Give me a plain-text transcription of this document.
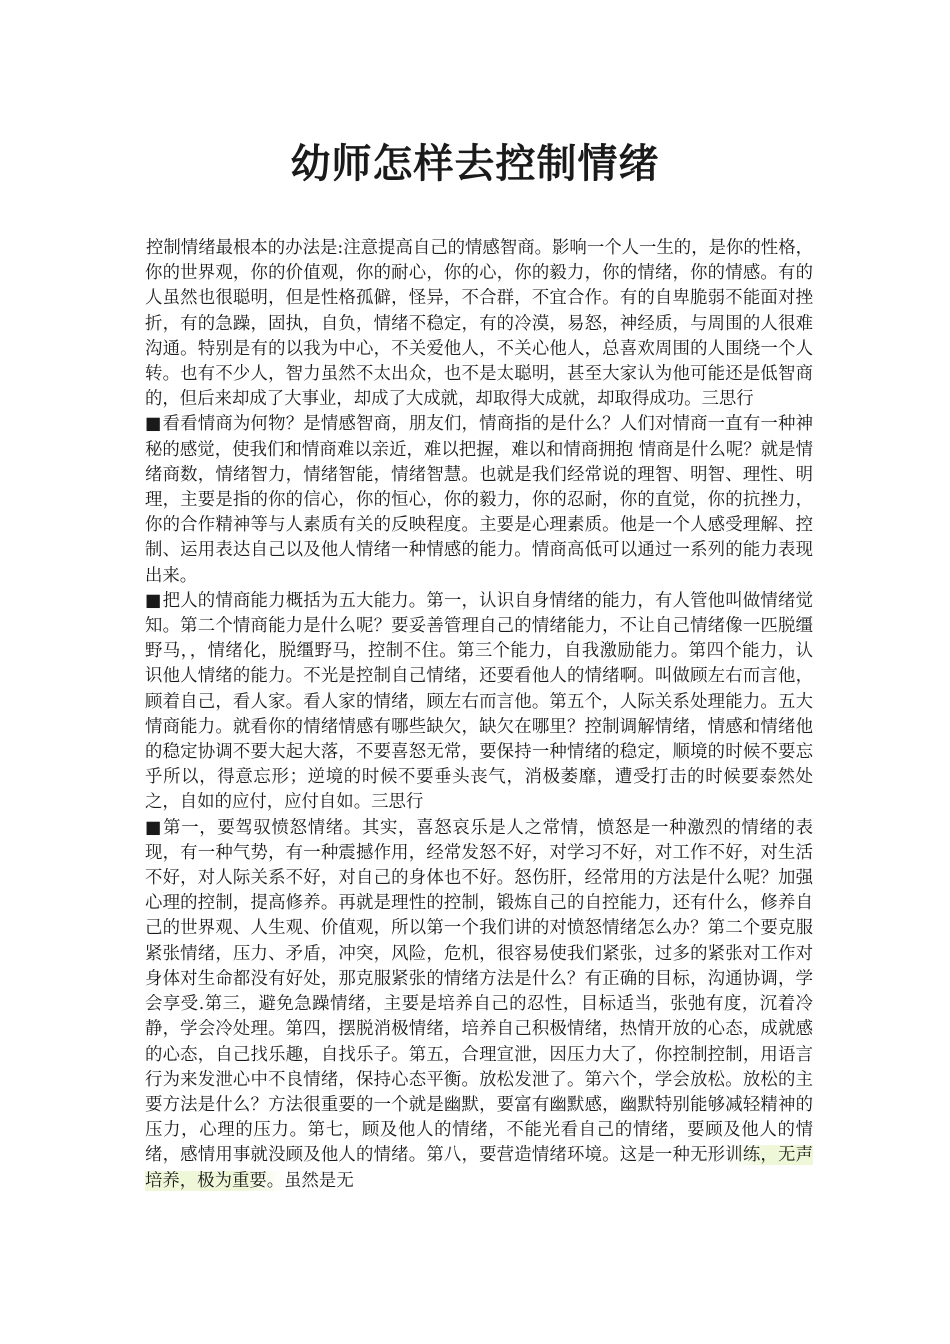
幼师怎样去控制情绪

控制情绪最根本的办法是:注意提高自己的情感智商。影响一个人一生的，是你的性格，你的世界观，你的价值观，你的耐心，你的心，你的毅力，你的情绪，你的情感。有的人虽然也很聪明，但是性格孤僻，怪异，不合群，不宜合作。有的自卑脆弱不能面对挫折，有的急躁，固执，自负，情绪不稳定，有的冷漠，易怒，神经质，与周围的人很难沟通。特别是有的以我为中心，不关爱他人，不关心他人，总喜欢周围的人围绕一个人转。也有不少人，智力虽然不太出众，也不是太聪明，甚至大家认为他可能还是低智商的，但后来却成了大事业，却成了大成就，却取得大成就，却取得成功。三思行

■看看情商为何物？是情感智商，朋友们，情商指的是什么？人们对情商一直有一种神秘的感觉，使我们和情商难以亲近，难以把握，难以和情商拥抱 情商是什么呢？就是情绪商数，情绪智力，情绪智能，情绪智慧。也就是我们经常说的理智、明智、理性、明理，主要是指的你的信心，你的恒心，你的毅力，你的忍耐，你的直觉，你的抗挫力，你的合作精神等与人素质有关的反映程度。主要是心理素质。他是一个人感受理解、控制、运用表达自己以及他人情绪一种情感的能力。情商高低可以通过一系列的能力表现出来。

■把人的情商能力概括为五大能力。第一，认识自身情绪的能力，有人管他叫做情绪觉知。第二个情商能力是什么呢？要妥善管理自己的情绪能力，不让自己情绪像一匹脱缰野马，，情绪化，脱缰野马，控制不住。第三个能力，自我激励能力。第四个能力，认识他人情绪的能力。不光是控制自己情绪，还要看他人的情绪啊。叫做顾左右而言他，顾着自己，看人家。看人家的情绪，顾左右而言他。第五个，人际关系处理能力。五大情商能力。就看你的情绪情感有哪些缺欠，缺欠在哪里？控制调解情绪，情感和情绪他的稳定协调不要大起大落，不要喜怒无常，要保持一种情绪的稳定，顺境的时候不要忘乎所以，得意忘形；逆境的时候不要垂头丧气，消极萎靡，遭受打击的时候要泰然处之，自如的应付，应付自如。三思行

■第一，要驾驭愤怒情绪。其实，喜怒哀乐是人之常情，愤怒是一种激烈的情绪的表现，有一种气势，有一种震撼作用，经常发怒不好，对学习不好，对工作不好，对生活不好，对人际关系不好，对自己的身体也不好。怒伤肝，经常用的方法是什么呢？加强心理的控制，提高修养。再就是理性的控制，锻炼自己的自控能力，还有什么，修养自己的世界观、人生观、价值观，所以第一个我们讲的对愤怒情绪怎么办？第二个要克服紧张情绪，压力、矛盾，冲突，风险，危机，很容易使我们紧张，过多的紧张对工作对身体对生命都没有好处，那克服紧张的情绪方法是什么？有正确的目标，沟通协调，学会享受.第三，避免急躁情绪，主要是培养自己的忍性，目标适当，张弛有度，沉着冷静，学会冷处理。第四，摆脱消极情绪，培养自己积极情绪，热情开放的心态，成就感的心态，自己找乐趣，自找乐子。第五，合理宣泄，因压力大了，你控制控制，用语言行为来发泄心中不良情绪，保持心态平衡。放松发泄了。第六个，学会放松。放松的主要方法是什么？方法很重要的一个就是幽默，要富有幽默感，幽默特别能够减轻精神的压力，心理的压力。第七，顾及他人的情绪，不能光看自己的情绪，要顾及他人的情绪，感情用事就没顾及他人的情绪。第八，要营造情绪环境。这是一种无形训练，无声培养，极为重要。虽然是无
